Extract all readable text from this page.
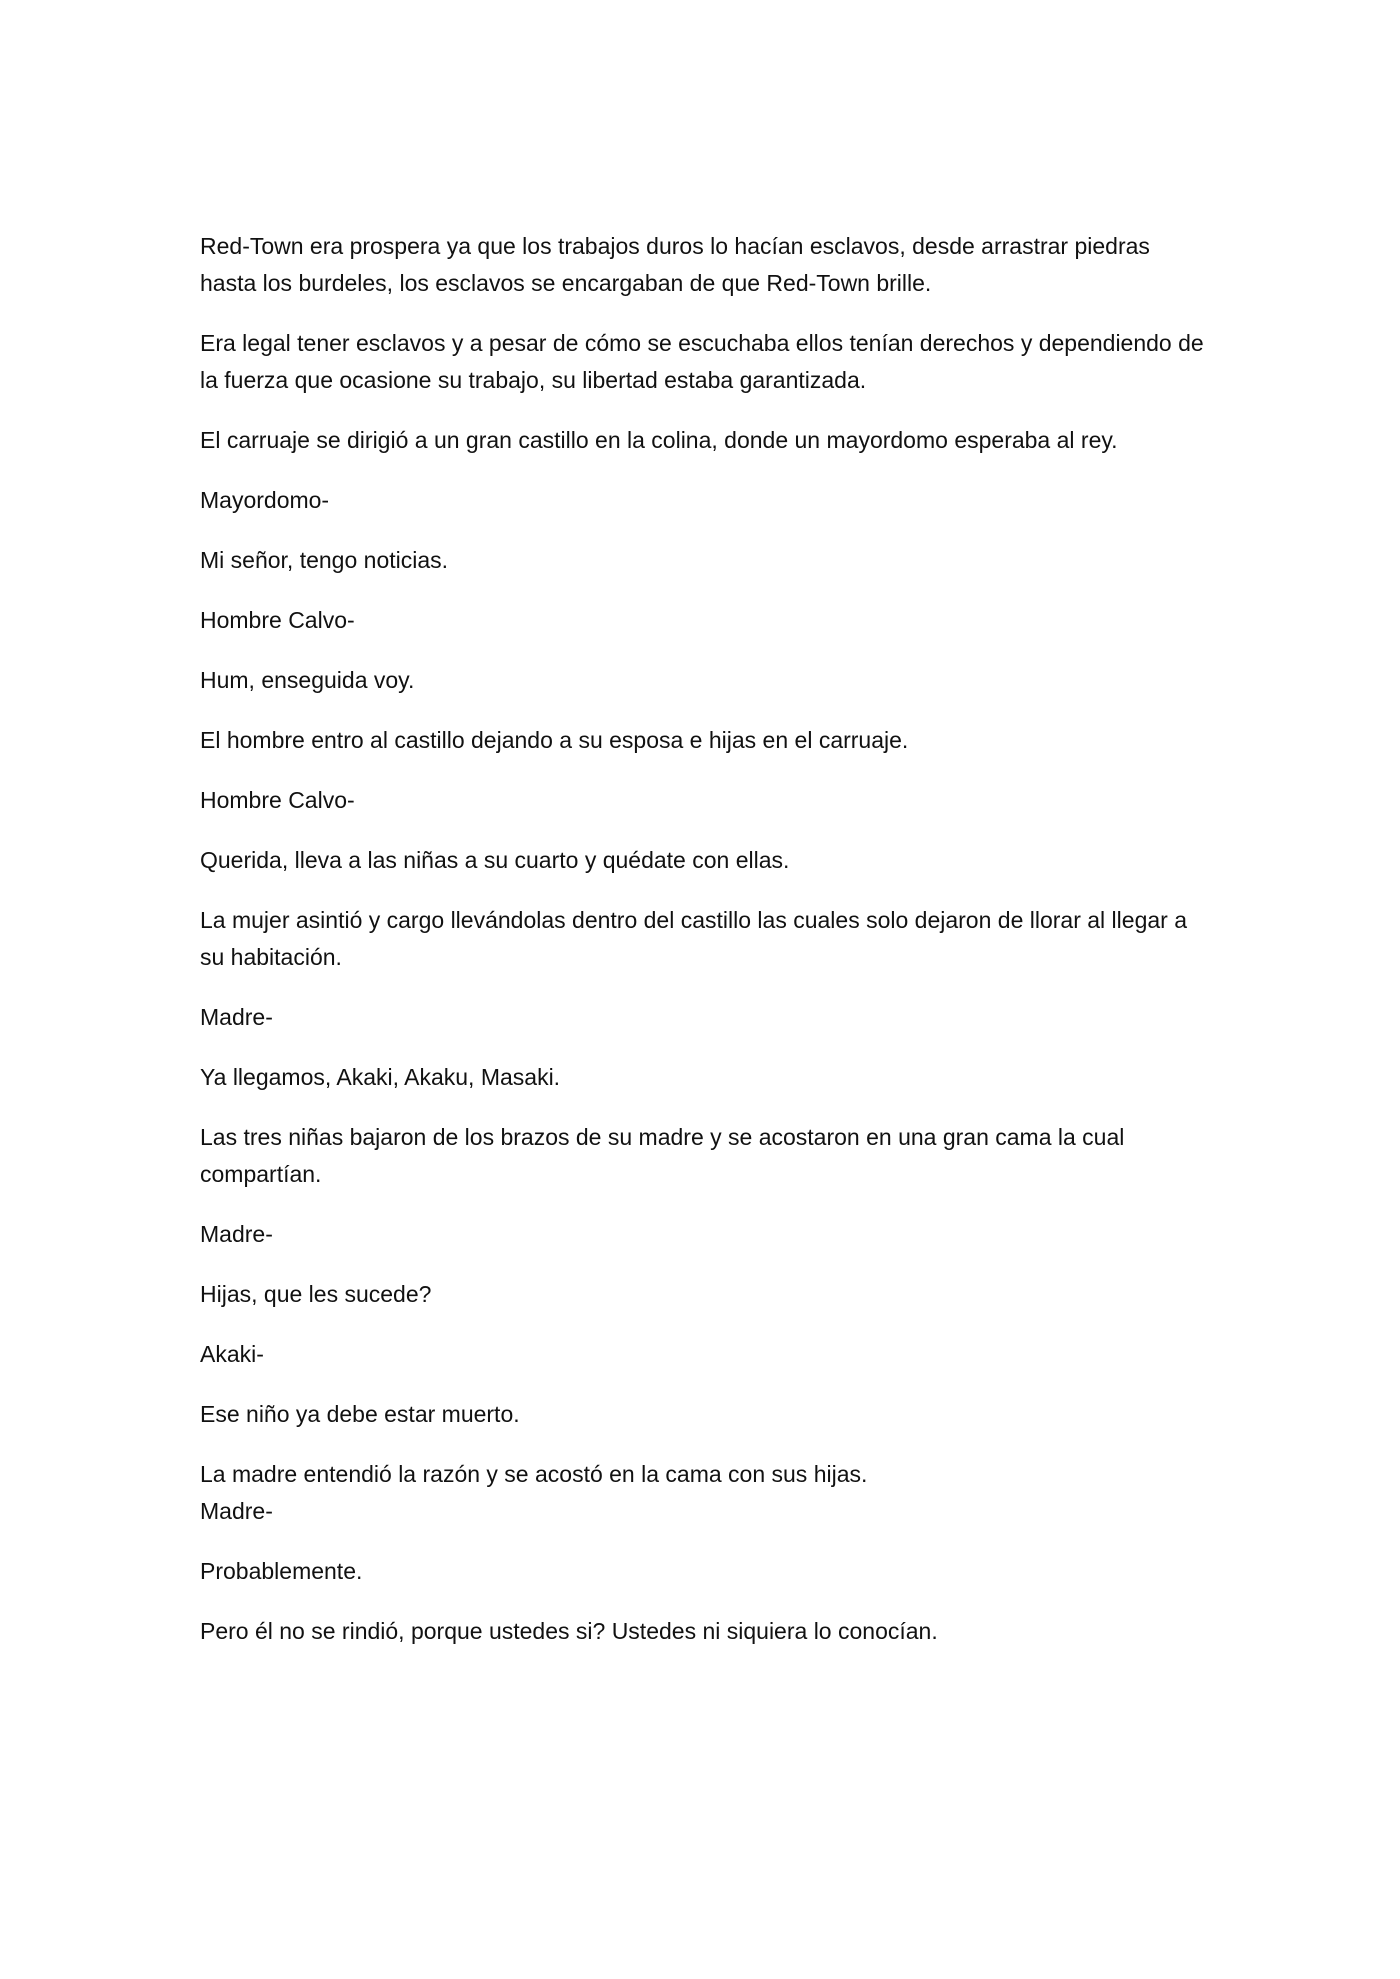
Red-Town era prospera ya que los trabajos duros lo hacían esclavos, desde arrastrar piedras hasta los burdeles, los esclavos se encargaban de que Red-Town brille.

Era legal tener esclavos y a pesar de cómo se escuchaba ellos tenían derechos y dependiendo de la fuerza que ocasione su trabajo, su libertad estaba garantizada.

El carruaje se dirigió a un gran castillo en la colina, donde un mayordomo esperaba al rey.

Mayordomo-

Mi señor, tengo noticias.

Hombre Calvo-

Hum, enseguida voy.

El hombre entro al castillo dejando a su esposa e hijas en el carruaje.

Hombre Calvo-

Querida, lleva a las niñas a su cuarto y quédate con ellas.

La mujer asintió y cargo llevándolas dentro del castillo las cuales solo dejaron de llorar al llegar a su habitación.

Madre-

Ya llegamos, Akaki, Akaku, Masaki.

Las tres niñas bajaron de los brazos de su madre y se acostaron en una gran cama la cual compartían.

Madre-

Hijas, que les sucede?

Akaki-

Ese niño ya debe estar muerto.

La madre entendió la razón y se acostó en la cama con sus hijas.

Madre-

Probablemente.

Pero él no se rindió, porque ustedes si? Ustedes ni siquiera lo conocían.
